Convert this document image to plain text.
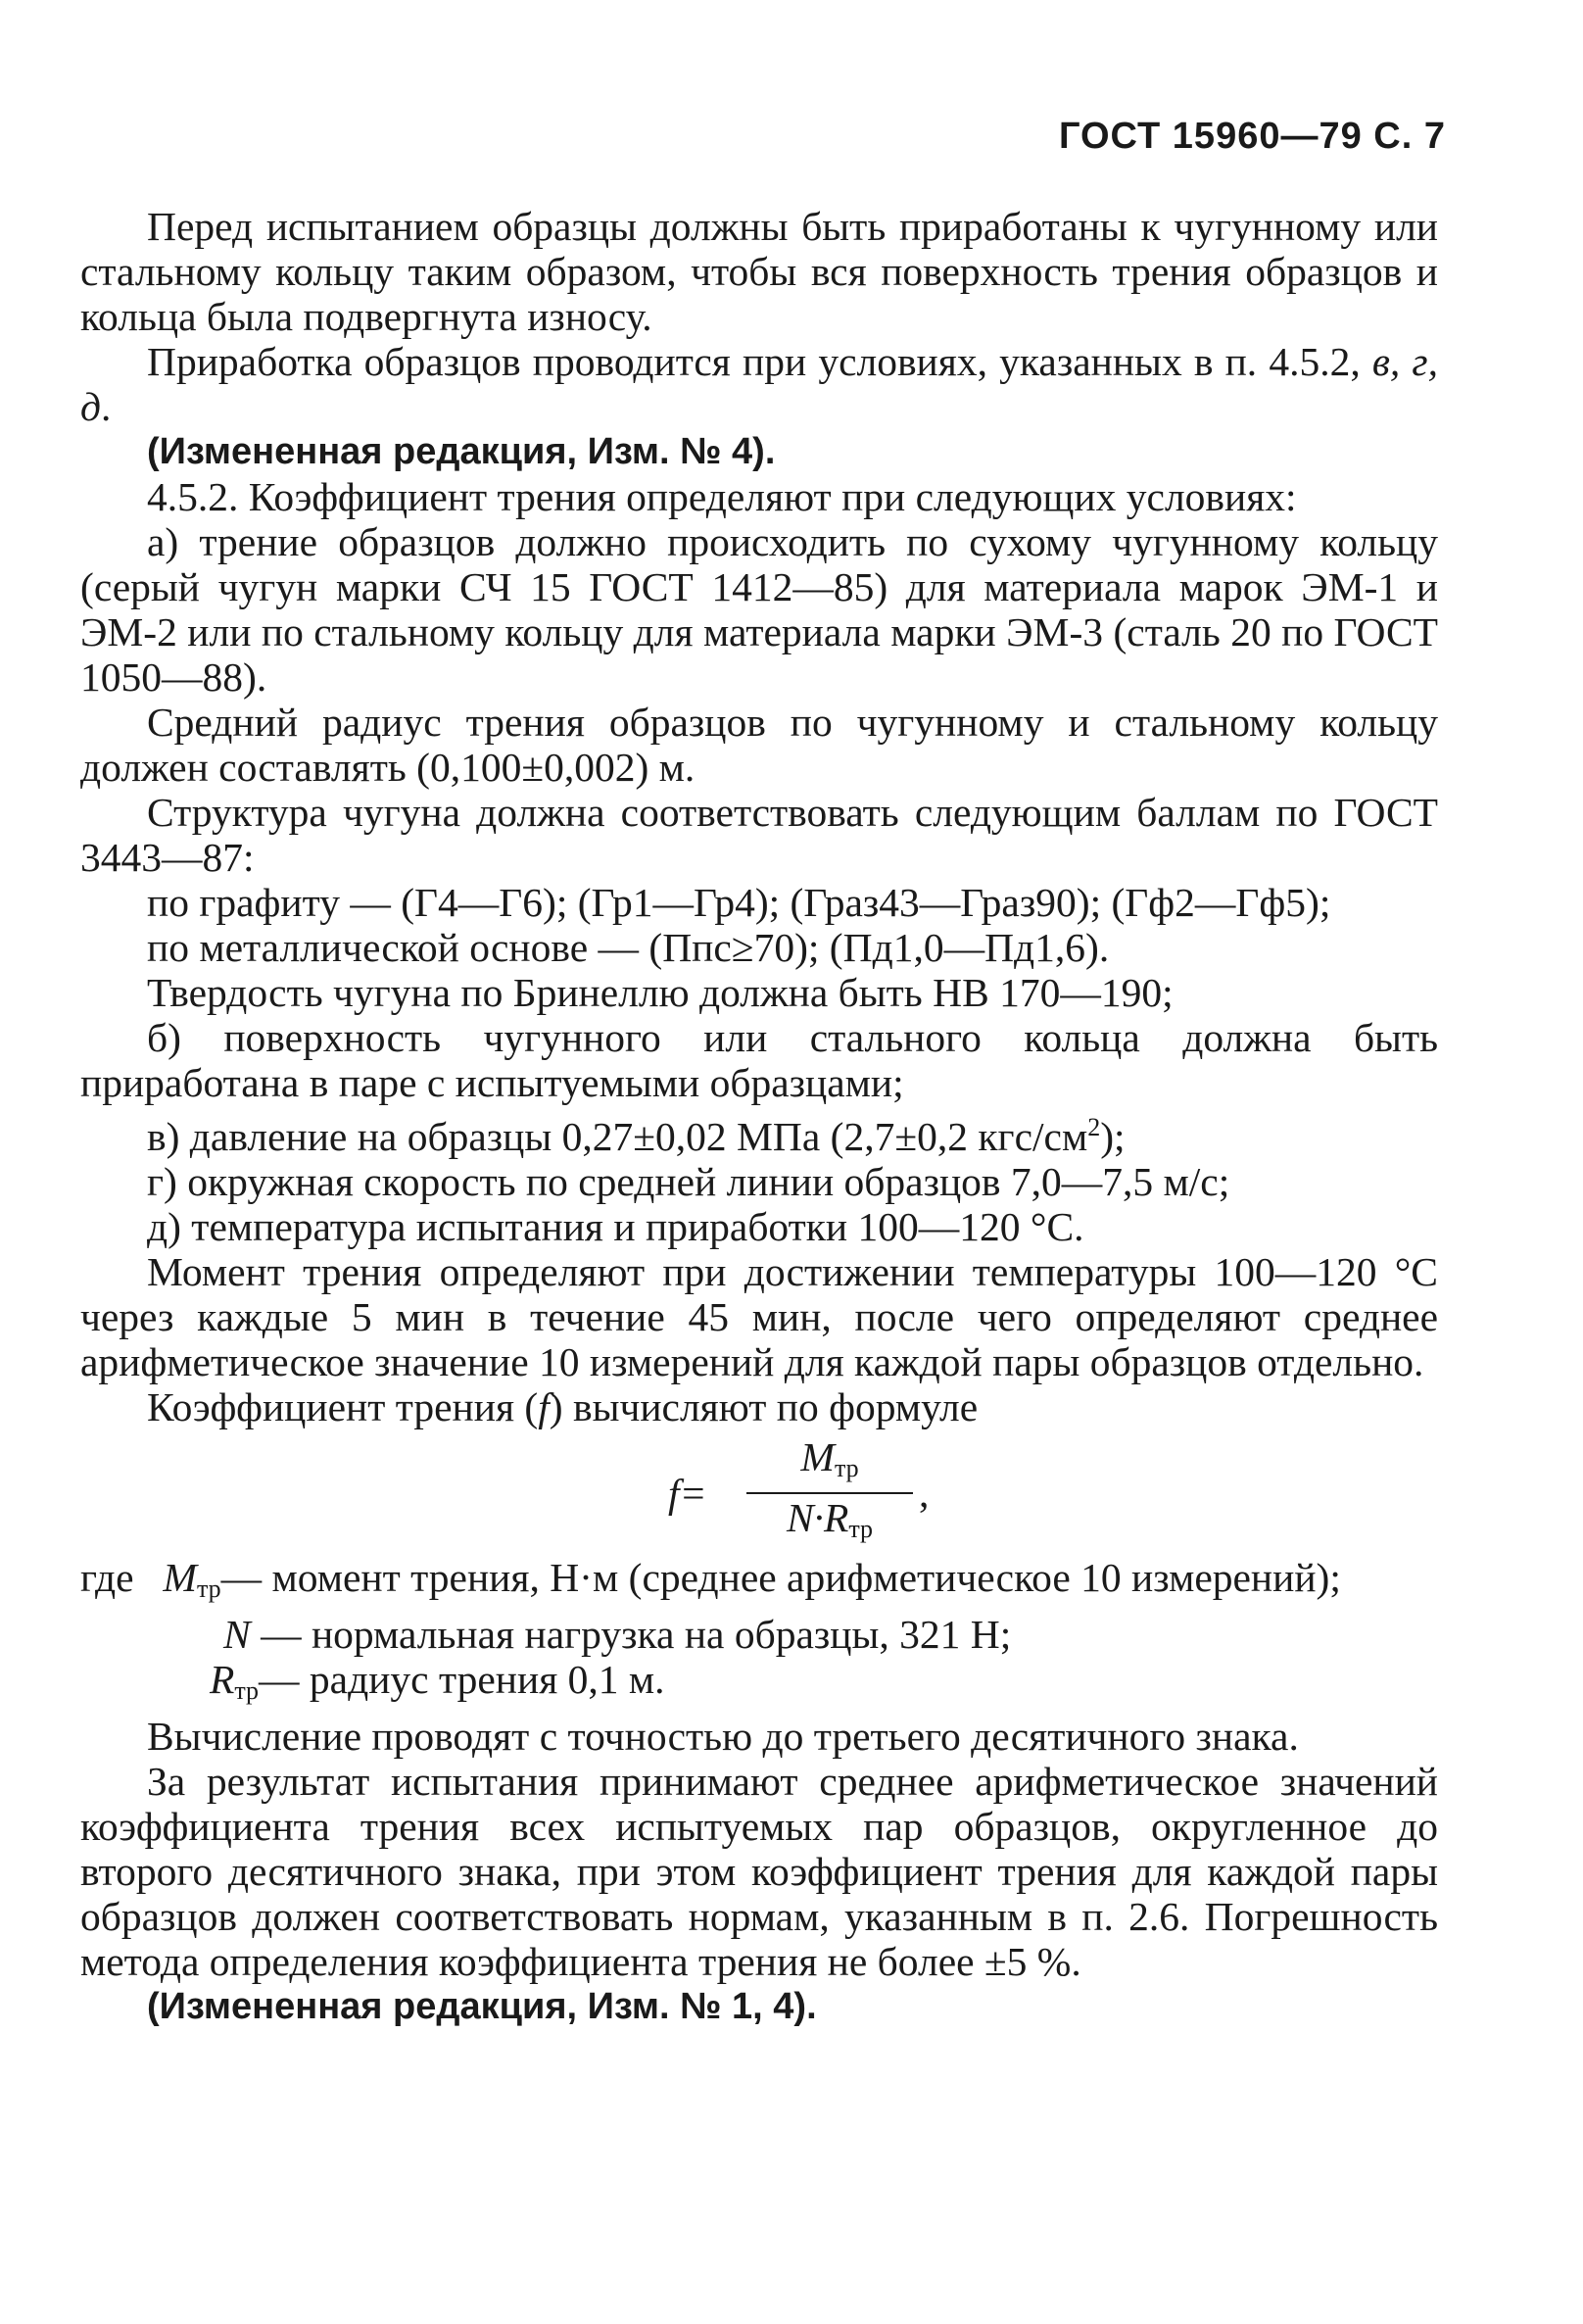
ГОСТ 15960—79 С. 7

Перед испытанием образцы должны быть приработаны к чугунному или стальному кольцу таким образом, чтобы вся поверхность трения образцов и кольца была подвергнута износу.

Приработка образцов проводится при условиях, указанных в п. 4.5.2, в, г, д.

(Измененная редакция, Изм. № 4).

4.5.2. Коэффициент трения определяют при следующих условиях:

а) трение образцов должно происходить по сухому чугунному кольцу (серый чугун марки СЧ 15 ГОСТ 1412—85) для материала марок ЭМ-1 и ЭМ-2 или по стальному кольцу для материала марки ЭМ-3 (сталь 20 по ГОСТ 1050—88).

Средний радиус трения образцов по чугунному и стальному кольцу должен составлять (0,100±0,002) м.

Структура чугуна должна соответствовать следующим баллам по ГОСТ 3443—87:

по графиту — (Г4—Г6); (Гр1—Гр4); (Граз43—Граз90); (Гф2—Гф5);

по металлической основе — (Ппс≥70); (Пд1,0—Пд1,6).

Твердость чугуна по Бринеллю должна быть НВ 170—190;

б) поверхность чугунного или стального кольца должна быть приработана в паре с испытуемыми образцами;

в) давление на образцы 0,27±0,02 МПа (2,7±0,2 кгс/$см^2$);

г) окружная скорость по средней линии образцов 7,0—7,5 м/с;

д) температура испытания и приработки 100—120 °С.

Момент трения определяют при достижении температуры 100—120 °С через каждые 5 мин в течение 45 мин, после чего определяют среднее арифметическое значение 10 измерений для каждой пары образцов отдельно.

Коэффициент трения (f) вычисляют по формуле

f=
$M_{тр}$
$N\cdot R_{тр}$
,

где $M_{тр}—$ момент трения, Н·м (среднее арифметическое 10 измерений);

N — нормальная нагрузка на образцы, 321 Н;

$R_{тр}—$ радиус трения 0,1 м.

Вычисление проводят с точностью до третьего десятичного знака.

За результат испытания принимают среднее арифметическое значений коэффициента трения всех испытуемых пар образцов, округленное до второго десятичного знака, при этом коэффициент трения для каждой пары образцов должен соответствовать нормам, указанным в п. 2.6. Погрешность метода определения коэффициента трения не более ±5 %.

(Измененная редакция, Изм. № 1, 4).
